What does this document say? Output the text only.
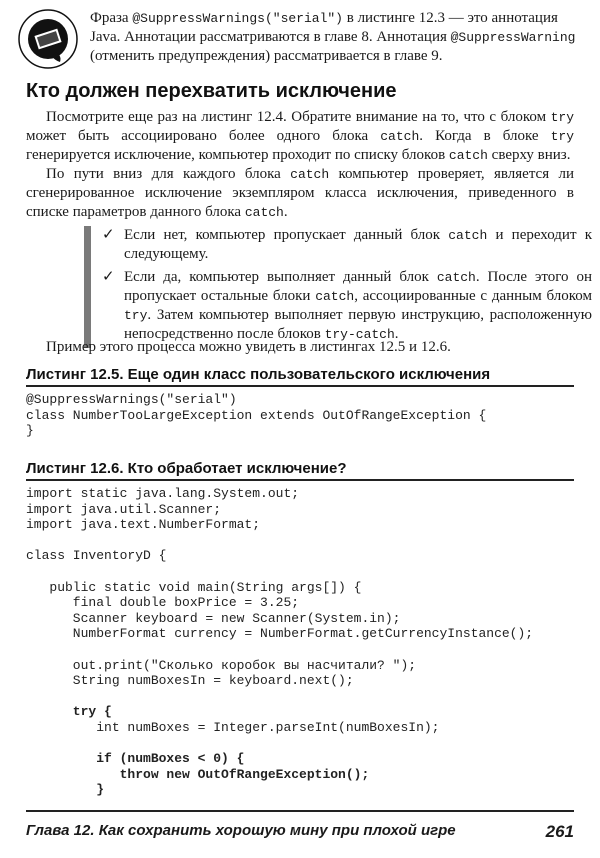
Фраза @SuppressWarnings("serial") в листинге 12.3 — это аннотация Java. Аннотации рассматриваются в главе 8. Аннотация @SuppressWarning (отменить предупреждения) рассматривается в главе 9.
Кто должен перехватить исключение
Посмотрите еще раз на листинг 12.4. Обратите внимание на то, что с блоком try может быть ассоциировано более одного блока catch. Когда в блоке try генерируется исключение, компьютер проходит по списку блоков catch сверху вниз.
По пути вниз для каждого блока catch компьютер проверяет, является ли сгенерированное исключение экземпляром класса исключения, приведенного в списке параметров данного блока catch.
✓ Если нет, компьютер пропускает данный блок catch и переходит к следующему.
✓ Если да, компьютер выполняет данный блок catch. После этого он пропускает остальные блоки catch, ассоциированные с данным блоком try. Затем компьютер выполняет первую инструкцию, расположенную непосредственно после блоков try-catch.
Пример этого процесса можно увидеть в листингах 12.5 и 12.6.
Листинг 12.5. Еще один класс пользовательского исключения
@SuppressWarnings("serial")
class NumberTooLargeException extends OutOfRangeException {
}
Листинг 12.6. Кто обработает исключение?
import static java.lang.System.out;
import java.util.Scanner;
import java.text.NumberFormat;

class InventoryD {

public static void main(String args[]) {
final double boxPrice = 3.25;
Scanner keyboard = new Scanner(System.in);
NumberFormat currency = NumberFormat.getCurrencyInstance();

out.print("Сколько коробок вы насчитали? ");
String numBoxesIn = keyboard.next();

try {
int numBoxes = Integer.parseInt(numBoxesIn);

if (numBoxes < 0) {
throw new OutOfRangeException();
}
Глава 12. Как сохранить хорошую мину при плохой игре	261
